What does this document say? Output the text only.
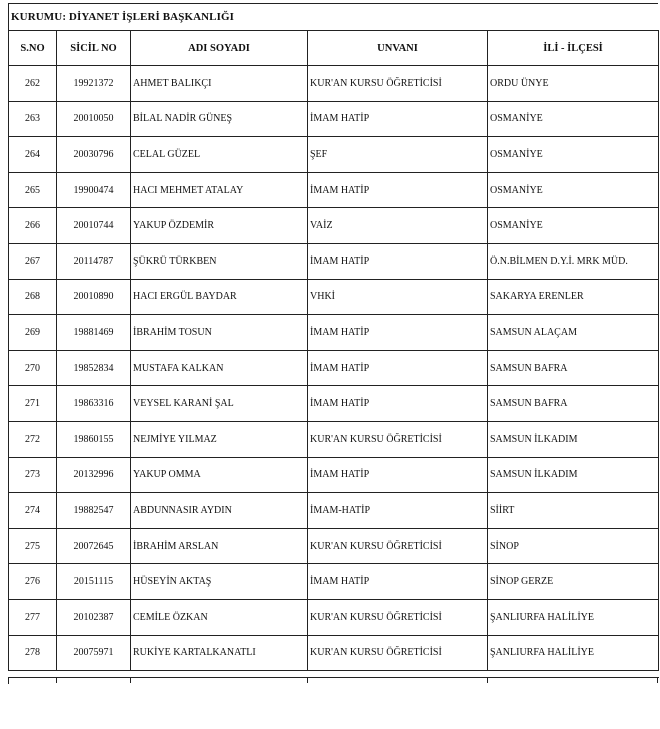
KURUMU: DİYANET İŞLERİ BAŞKANLIĞI
S.NO	SİCİL NO	ADI SOYADI	UNVANI	İLİ - İLÇESİ
262	19921372	AHMET BALIKÇI	KUR'AN KURSU ÖĞRETİCİSİ	ORDU ÜNYE
263	20010050	BİLAL NADİR GÜNEŞ	İMAM HATİP	OSMANİYE
264	20030796	CELAL GÜZEL	ŞEF	OSMANİYE
265	19900474	HACI MEHMET ATALAY	İMAM HATİP	OSMANİYE
266	20010744	YAKUP ÖZDEMİR	VAİZ	OSMANİYE
267	20114787	ŞÜKRÜ TÜRKBEN	İMAM HATİP	Ö.N.BİLMEN D.Y.İ. MRK MÜD.
268	20010890	HACI ERGÜL BAYDAR	VHKİ	SAKARYA ERENLER
269	19881469	İBRAHİM TOSUN	İMAM HATİP	SAMSUN ALAÇAM
270	19852834	MUSTAFA KALKAN	İMAM HATİP	SAMSUN BAFRA
271	19863316	VEYSEL KARANİ ŞAL	İMAM HATİP	SAMSUN BAFRA
272	19860155	NEJMİYE YILMAZ	KUR'AN KURSU ÖĞRETİCİSİ	SAMSUN İLKADIM
273	20132996	YAKUP OMMA	İMAM HATİP	SAMSUN İLKADIM
274	19882547	ABDUNNASIR AYDIN	İMAM-HATİP	SİİRT
275	20072645	İBRAHİM ARSLAN	KUR'AN KURSU ÖĞRETİCİSİ	SİNOP
276	20151115	HÜSEYİN AKTAŞ	İMAM HATİP	SİNOP GERZE
277	20102387	CEMİLE ÖZKAN	KUR'AN KURSU ÖĞRETİCİSİ	ŞANLIURFA HALİLİYE
278	20075971	RUKİYE KARTALKANATLI	KUR'AN KURSU ÖĞRETİCİSİ	ŞANLIURFA HALİLİYE
